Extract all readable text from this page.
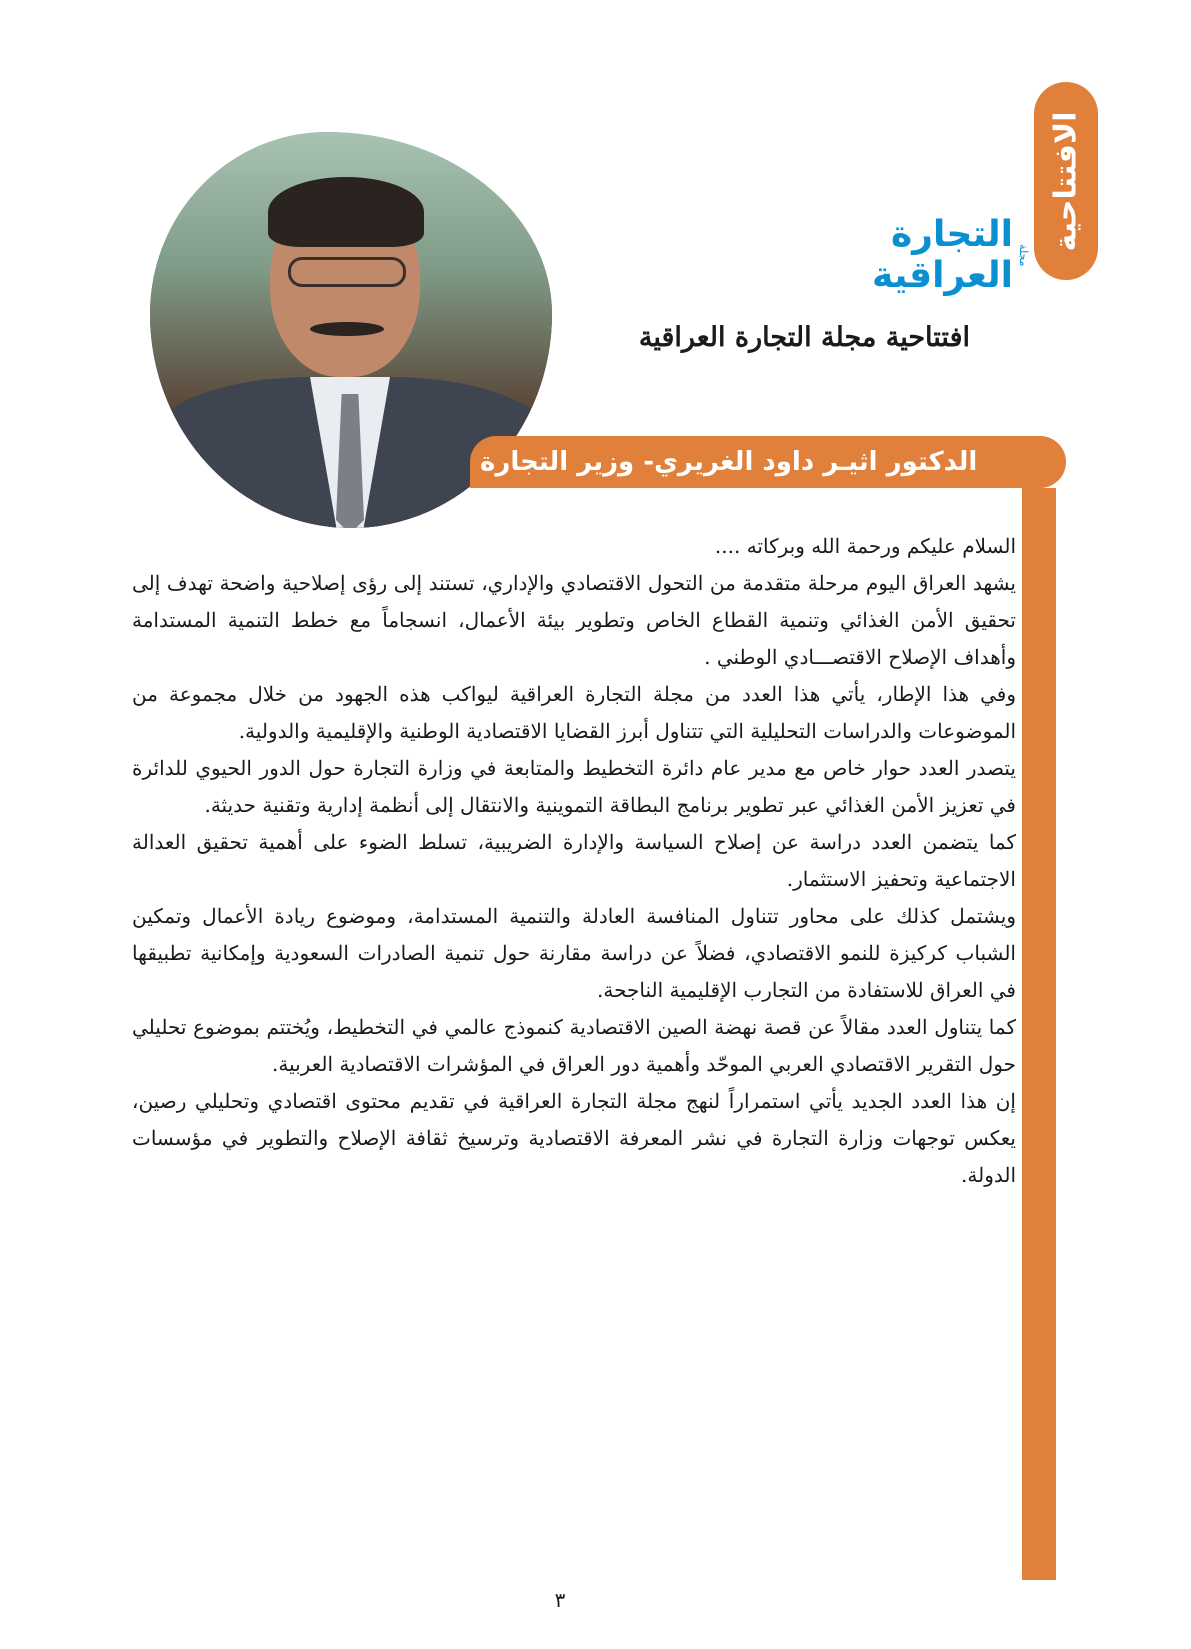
الافتتاحية
مجلة
التجارة العراقية
افتتاحية مجلة التجارة العراقية
الدكتور اثيـر داود الغريري- وزير التجارة

السلام عليكم ورحمة الله وبركاته ....

يشهد العراق اليوم مرحلة متقدمة من التحول الاقتصادي والإداري، تستند إلى رؤى إصلاحية واضحة تهدف إلى تحقيق الأمن الغذائي وتنمية القطاع الخاص وتطوير بيئة الأعمال، انسجاماً مع خطط التنمية المستدامة وأهداف الإصلاح الاقتصـــادي الوطني .

وفي هذا الإطار، يأتي هذا العدد من مجلة التجارة العراقية ليواكب هذه الجهود من خلال مجموعة من الموضوعات والدراسات التحليلية التي تتناول أبرز القضايا الاقتصادية الوطنية والإقليمية والدولية.

يتصدر العدد حوار خاص مع مدير عام دائرة التخطيط والمتابعة في وزارة التجارة حول الدور الحيوي للدائرة في تعزيز الأمن الغذائي عبر تطوير برنامج البطاقة التموينية والانتقال إلى أنظمة إدارية وتقنية حديثة.

كما يتضمن العدد دراسة عن إصلاح السياسة والإدارة الضريبية، تسلط الضوء على أهمية تحقيق العدالة الاجتماعية وتحفيز الاستثمار.

ويشتمل كذلك على محاور تتناول المنافسة العادلة والتنمية المستدامة، وموضوع ريادة الأعمال وتمكين الشباب كركيزة للنمو الاقتصادي، فضلاً عن دراسة مقارنة حول تنمية الصادرات السعودية وإمكانية تطبيقها في العراق للاستفادة من التجارب الإقليمية الناجحة.

كما يتناول العدد مقالاً عن قصة نهضة الصين الاقتصادية كنموذج عالمي في التخطيط، ويُختتم بموضوع تحليلي حول التقرير الاقتصادي العربي الموحّد وأهمية دور العراق في المؤشرات الاقتصادية العربية.

إن هذا العدد الجديد يأتي استمراراً لنهج مجلة التجارة العراقية في تقديم محتوى اقتصادي وتحليلي رصين، يعكس توجهات وزارة التجارة في نشر المعرفة الاقتصادية وترسيخ ثقافة الإصلاح والتطوير في مؤسسات الدولة.

٣
